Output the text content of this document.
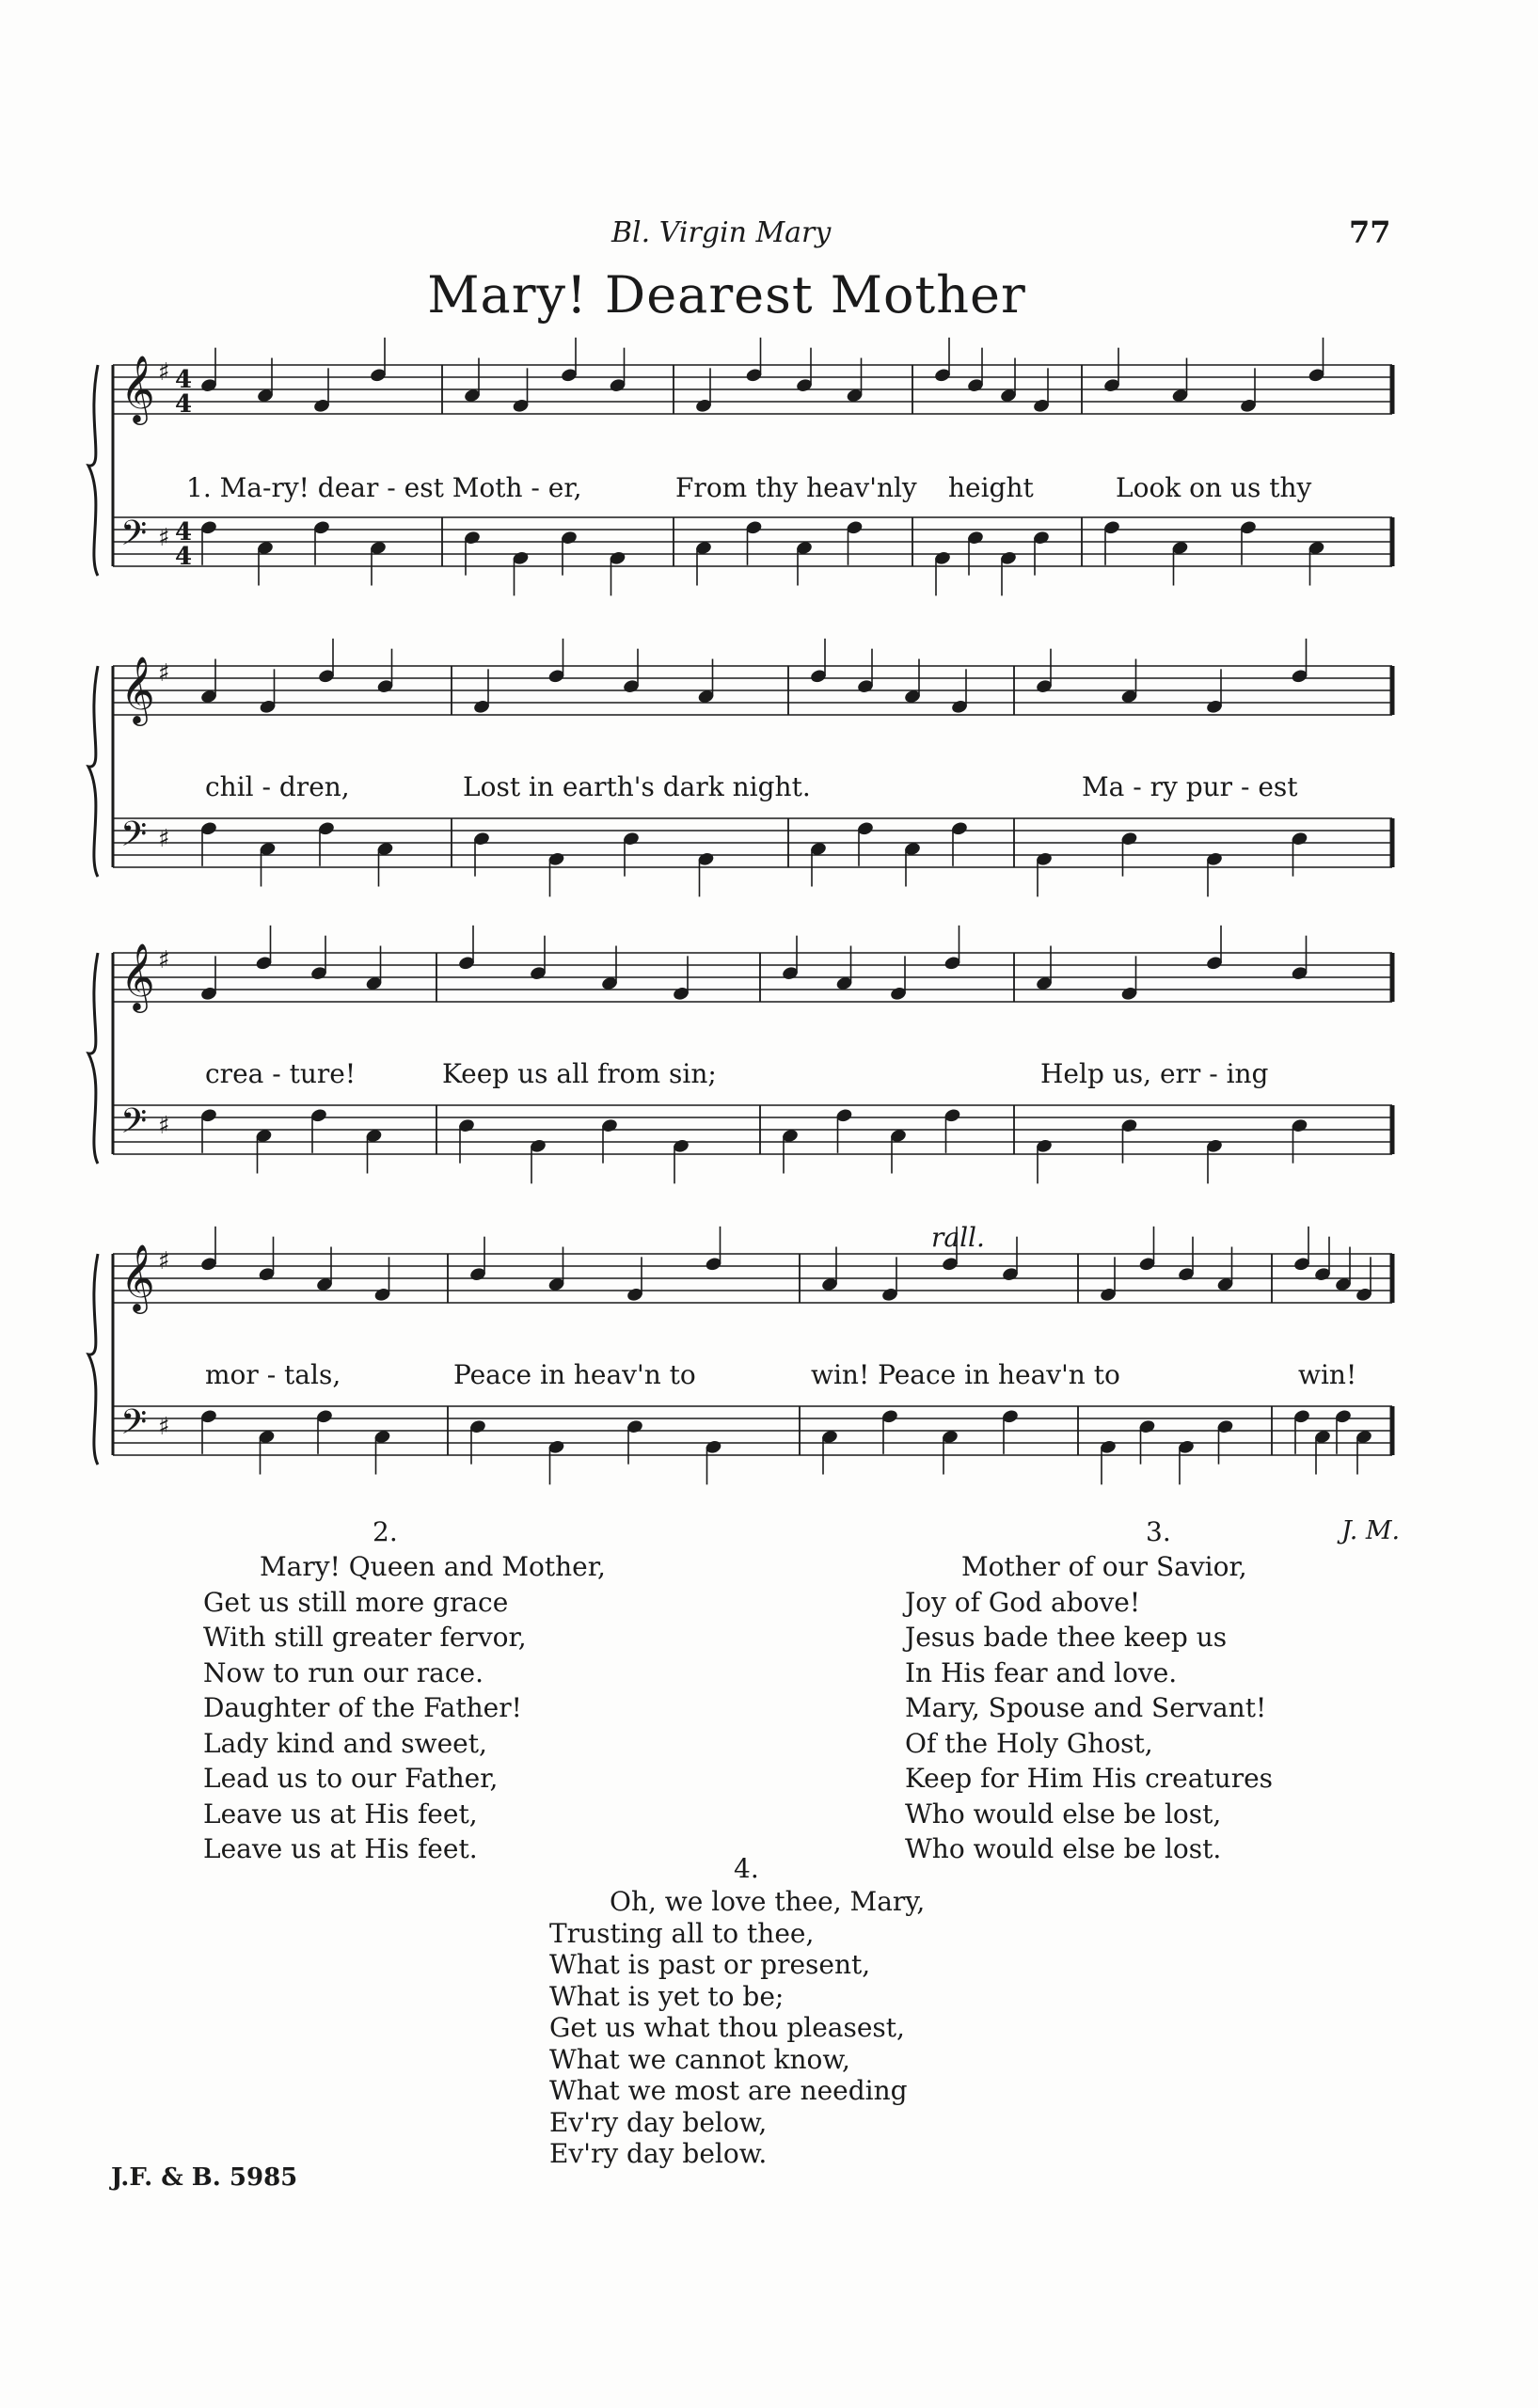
Bl. Virgin Mary	77
Mary! Dearest Mother
𝄞 ♯
𝄢 ♯
4
4
4
4
1. Ma-ry! dear - est Moth - er,	From thy heav'nly height	Look on us thy
𝄞 ♯
𝄢 ♯
chil - dren,	Lost in earth's dark night.	Ma - ry pur - est
𝄞 ♯
𝄢 ♯
crea - ture!	Keep us all from sin;	Help us, err - ing
𝄞 ♯
𝄢 ♯
rall.
mor - tals,	Peace in heav'n to	win! Peace in heav'n to	win!
J. M.
2.
Mary! Queen and Mother,
Get us still more grace
With still greater fervor,
Now to run our race.
Daughter of the Father!
Lady kind and sweet,
Lead us to our Father,
Leave us at His feet,
Leave us at His feet.
3.
Mother of our Savior,
Joy of God above!
Jesus bade thee keep us
In His fear and love.
Mary, Spouse and Servant!
Of the Holy Ghost,
Keep for Him His creatures
Who would else be lost,
Who would else be lost.
4.
Oh, we love thee, Mary,
Trusting all to thee,
What is past or present,
What is yet to be;
Get us what thou pleasest,
What we cannot know,
What we most are needing
Ev'ry day below,
Ev'ry day below.
J.F. & B. 5985
